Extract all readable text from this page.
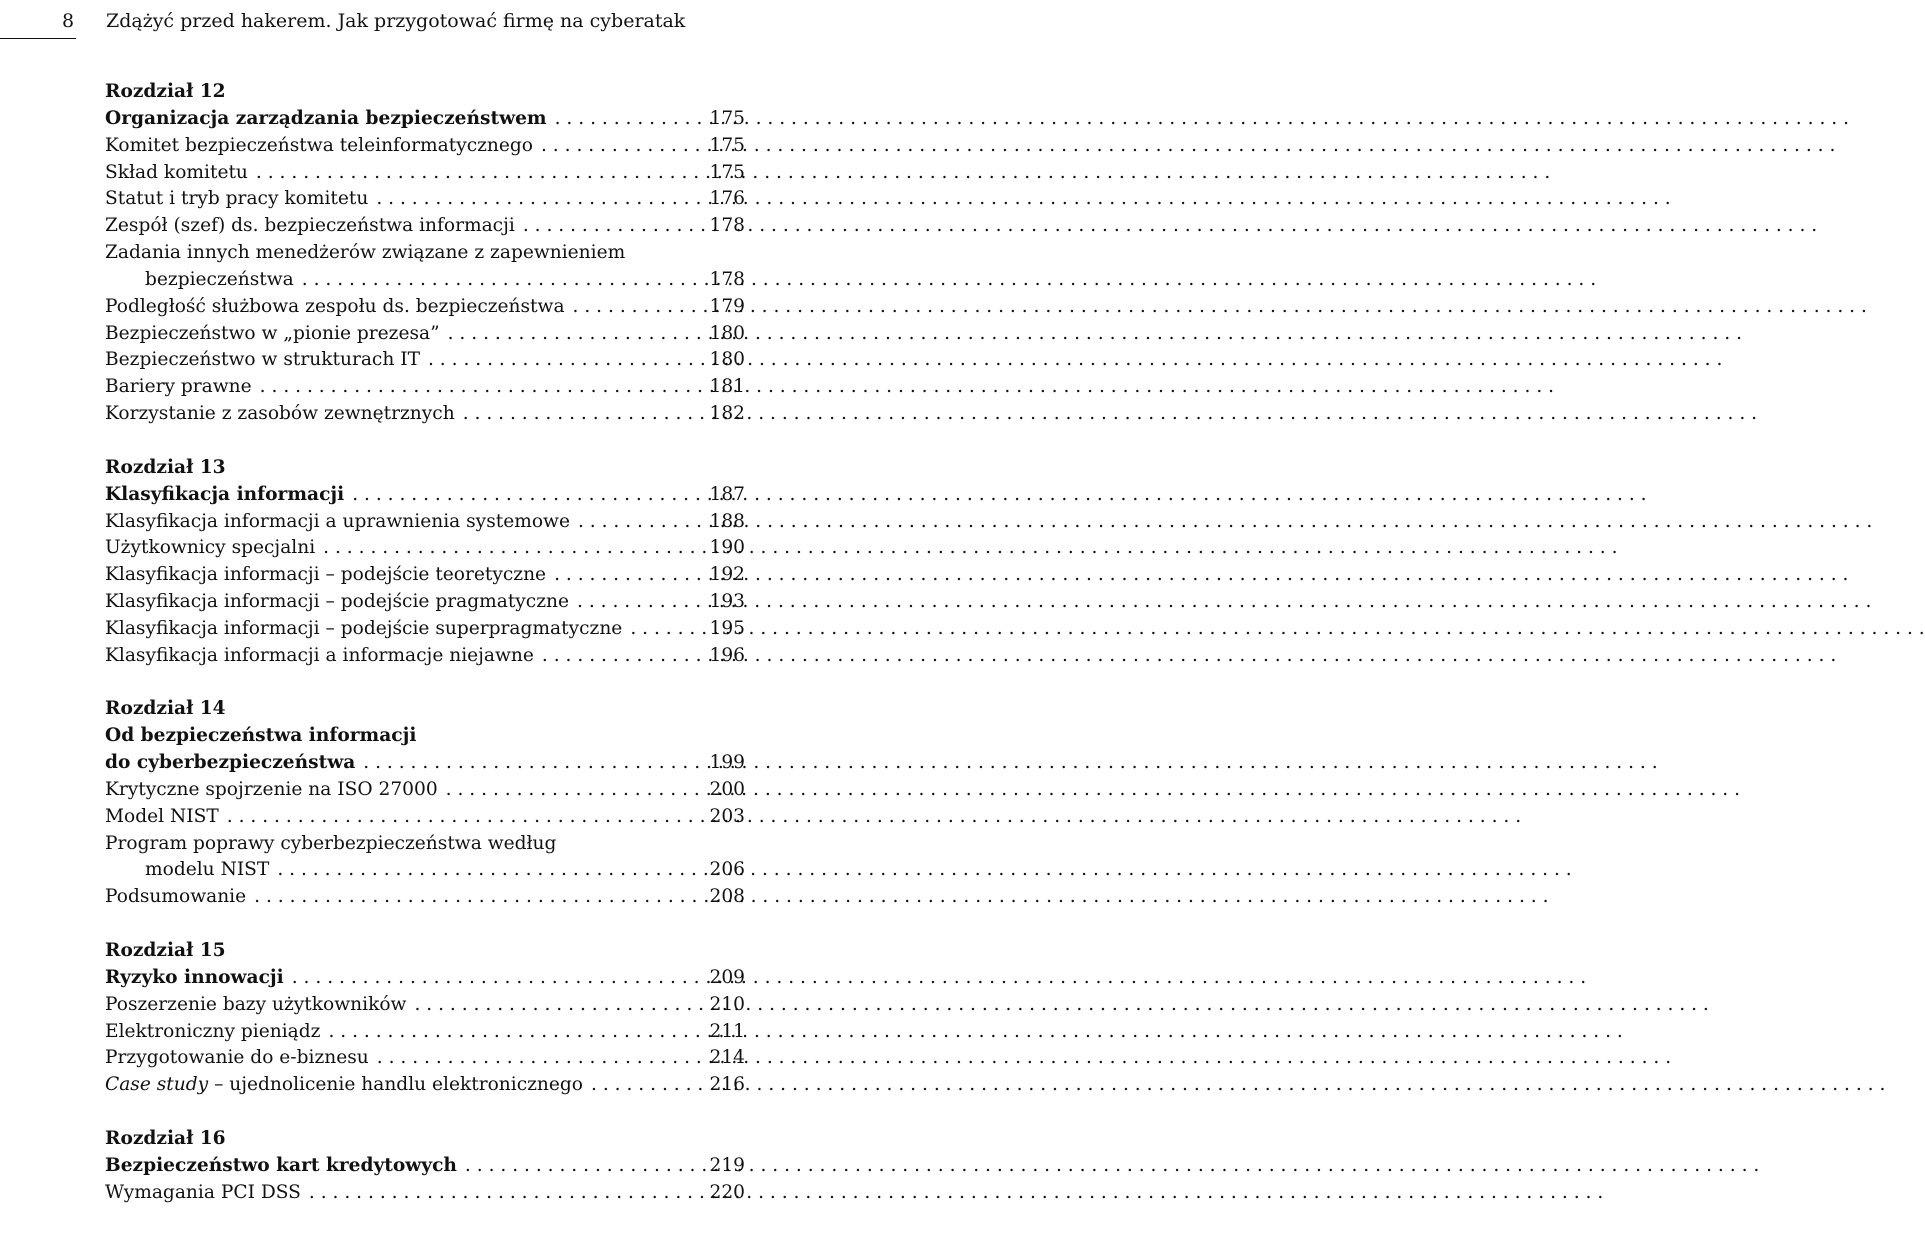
8 Zdążyć przed hakerem. Jak przygotować firmę na cyberatak
Rozdział 12
Organizacja zarządzania bezpieczeństwem . . .	175
Komitet bezpieczeństwa teleinformatycznego . . .	175
Skład komitetu . . .	175
Statut i tryb pracy komitetu . . .	176
Zespół (szef) ds. bezpieczeństwa informacji . . .	178
Zadania innych menedżerów związane z zapewnieniem
bezpieczeństwa . . .	178
Podległość służbowa zespołu ds. bezpieczeństwa . . .	179
Bezpieczeństwo w „pionie prezesa” . . .	180
Bezpieczeństwo w strukturach IT . . .	180
Bariery prawne . . .	181
Korzystanie z zasobów zewnętrznych . . .	182
Rozdział 13
Klasyfikacja informacji . . .	187
Klasyfikacja informacji a uprawnienia systemowe . . .	188
Użytkownicy specjalni . . .	190
Klasyfikacja informacji – podejście teoretyczne . . .	192
Klasyfikacja informacji – podejście pragmatyczne . . .	193
Klasyfikacja informacji – podejście superpragmatyczne . . .	195
Klasyfikacja informacji a informacje niejawne . . .	196
Rozdział 14
Od bezpieczeństwa informacji
do cyberbezpieczeństwa . . .	199
Krytyczne spojrzenie na ISO 27000 . . .	200
Model NIST . . .	203
Program poprawy cyberbezpieczeństwa według
modelu NIST . . .	206
Podsumowanie . . .	208
Rozdział 15
Ryzyko innowacji . . .	209
Poszerzenie bazy użytkowników . . .	210
Elektroniczny pieniądz . . .	211
Przygotowanie do e-biznesu . . .	214
Case study – ujednolicenie handlu elektronicznego . . .	216
Rozdział 16
Bezpieczeństwo kart kredytowych . . .	219
Wymagania PCI DSS . . .	220
